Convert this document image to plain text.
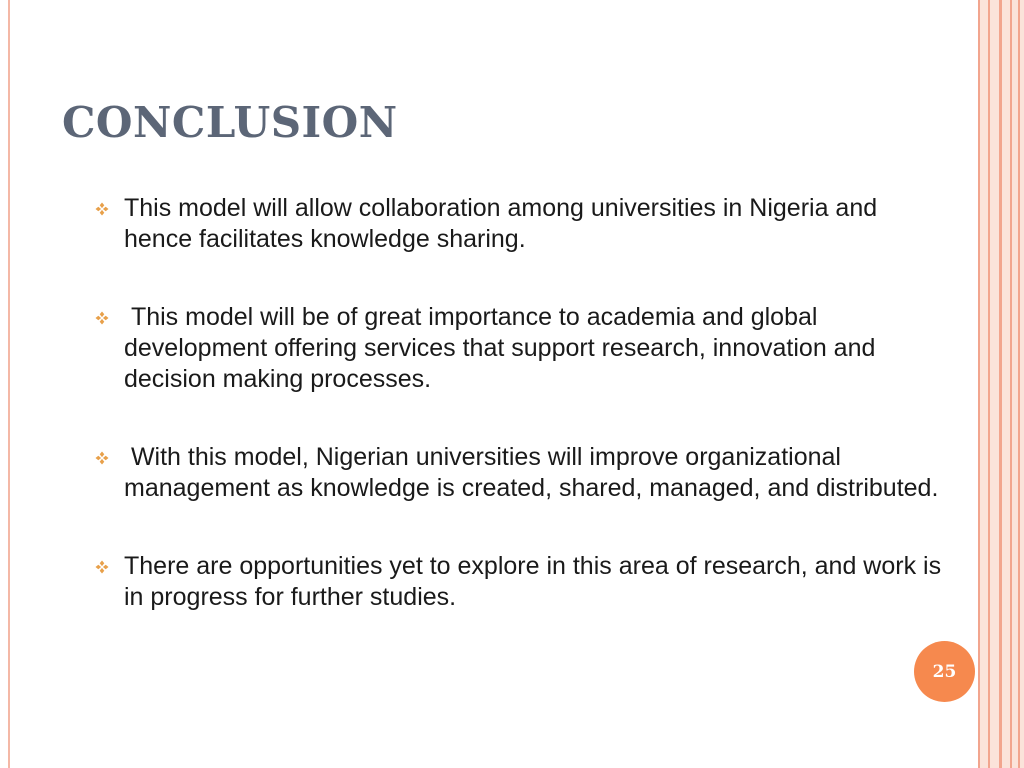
CONCLUSION
This model will allow collaboration among universities in Nigeria and hence facilitates knowledge sharing.
This model will be of great importance to academia and global development offering services that support research, innovation and decision making processes.
With this model, Nigerian universities will improve organizational management as knowledge is created, shared, managed, and distributed.
There are opportunities yet to explore in this area of research, and work is in progress for further studies.
25
